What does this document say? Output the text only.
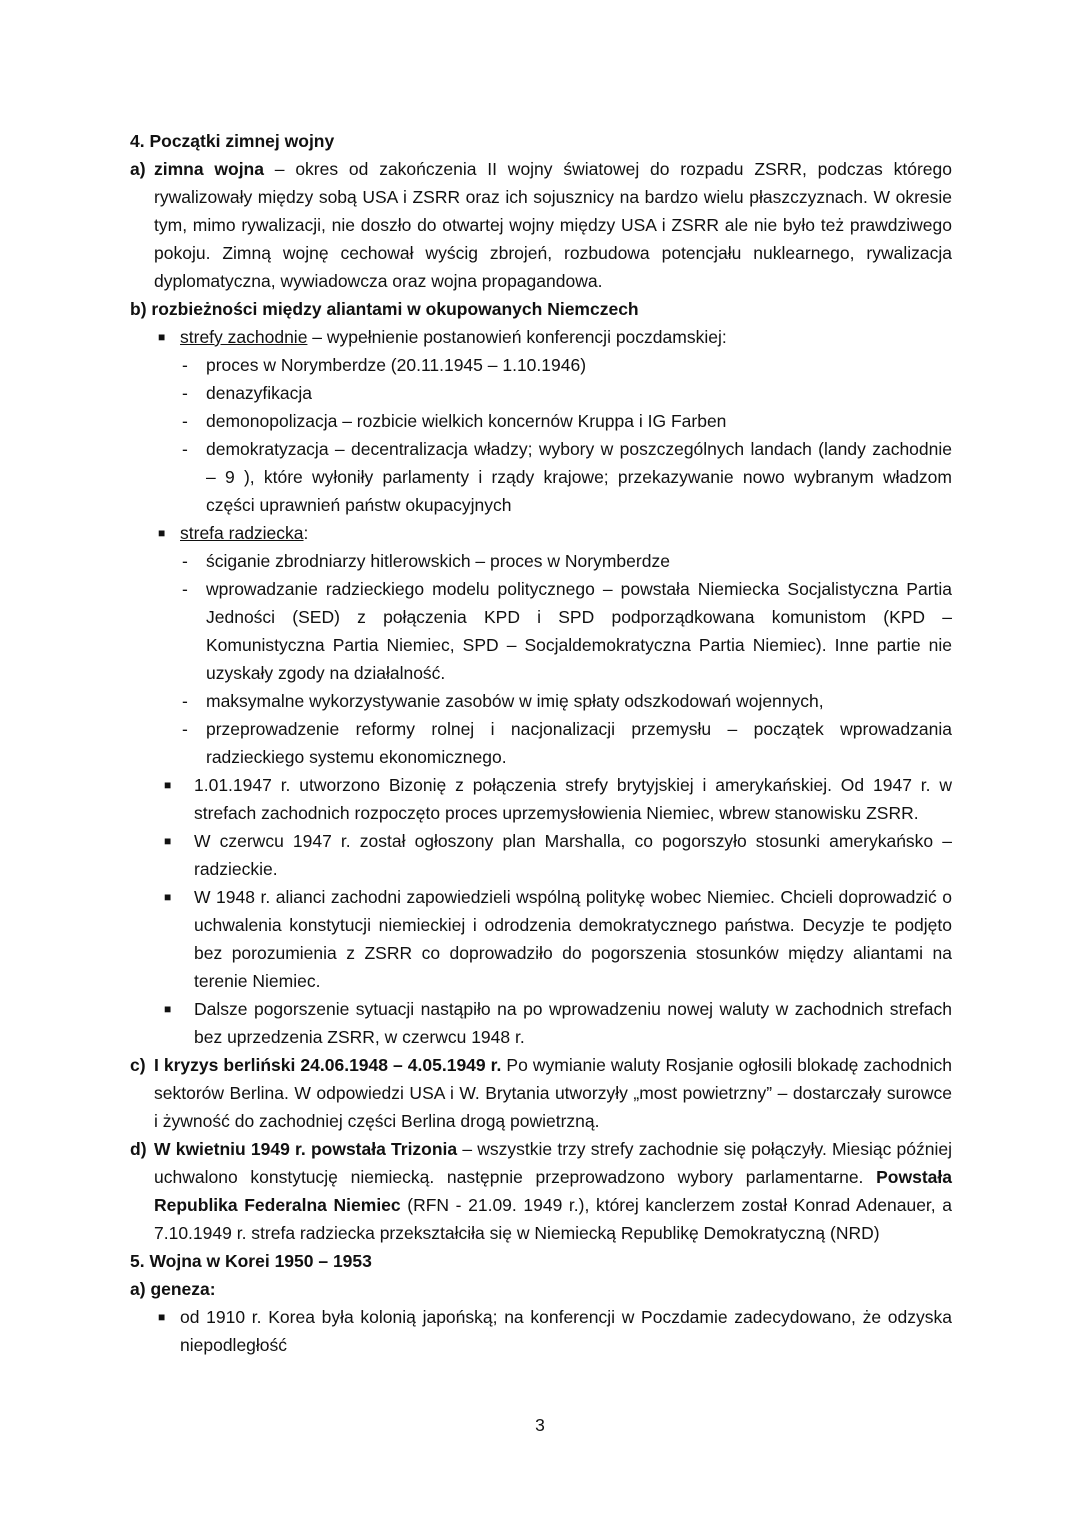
4. Początki zimnej wojny

a) zimna wojna – okres od zakończenia II wojny światowej do rozpadu ZSRR, podczas którego rywalizowały między sobą USA i ZSRR oraz ich sojusznicy na bardzo wielu płaszczyznach. W okresie tym, mimo rywalizacji, nie doszło do otwartej wojny między USA i ZSRR ale nie było też prawdziwego pokoju. Zimną wojnę cechował wyścig zbrojeń, rozbudowa potencjału nuklearnego, rywalizacja dyplomatyczna, wywiadowcza oraz wojna propagandowa.

b) rozbieżności między aliantami w okupowanych Niemczech

■ strefy zachodnie – wypełnienie postanowień konferencji poczdamskiej:
- proces w Norymberdze (20.11.1945 – 1.10.1946)
- denazyfikacja
- demonopolizacja – rozbicie wielkich koncernów Kruppa i IG Farben
- demokratyzacja – decentralizacja władzy; wybory w poszczególnych landach (landy zachodnie – 9 ), które wyłoniły parlamenty i rządy krajowe; przekazywanie nowo wybranym władzom części uprawnień państw okupacyjnych
■ strefa radziecka:
- ściganie zbrodniarzy hitlerowskich – proces w Norymberdze
- wprowadzanie radzieckiego modelu politycznego – powstała Niemiecka Socjalistyczna Partia Jedności (SED) z połączenia KPD i SPD podporządkowana komunistom (KPD – Komunistyczna Partia Niemiec, SPD – Socjaldemokratyczna Partia Niemiec). Inne partie nie uzyskały zgody na działalność.
- maksymalne wykorzystywanie zasobów w imię spłaty odszkodowań wojennych,
- przeprowadzenie reformy rolnej i nacjonalizacji przemysłu – początek wprowadzania radzieckiego systemu ekonomicznego.
■ 1.01.1947 r. utworzono Bizonię z połączenia strefy brytyjskiej i amerykańskiej. Od 1947 r. w strefach zachodnich rozpoczęto proces uprzemysłowienia Niemiec, wbrew stanowisku ZSRR.
■ W czerwcu 1947 r. został ogłoszony plan Marshalla, co pogorszyło stosunki amerykańsko – radzieckie.
■ W 1948 r. alianci zachodni zapowiedzieli wspólną politykę wobec Niemiec. Chcieli doprowadzić o uchwalenia konstytucji niemieckiej i odrodzenia demokratycznego państwa. Decyzje te podjęto bez porozumienia z ZSRR co doprowadziło do pogorszenia stosunków między aliantami na terenie Niemiec.
■ Dalsze pogorszenie sytuacji nastąpiło na po wprowadzeniu nowej waluty w zachodnich strefach bez uprzedzenia ZSRR, w czerwcu 1948 r.
c) I kryzys berliński 24.06.1948 – 4.05.1949 r. Po wymianie waluty Rosjanie ogłosili blokadę zachodnich sektorów Berlina. W odpowiedzi USA i W. Brytania utworzyły „most powietrzny” – dostarczały surowce i żywność do zachodniej części Berlina drogą powietrzną.
d) W kwietniu 1949 r. powstała Trizonia – wszystkie trzy strefy zachodnie się połączyły. Miesiąc później uchwalono konstytucję niemiecką. następnie przeprowadzono wybory parlamentarne. Powstała Republika Federalna Niemiec (RFN - 21.09. 1949 r.), której kanclerzem został Konrad Adenauer, a 7.10.1949 r. strefa radziecka przekształciła się w Niemiecką Republikę Demokratyczną (NRD)

5. Wojna w Korei 1950 – 1953

a) geneza:

■ od 1910 r. Korea była kolonią japońską; na konferencji w Poczdamie zadecydowano, że odzyska niepodległość
3
